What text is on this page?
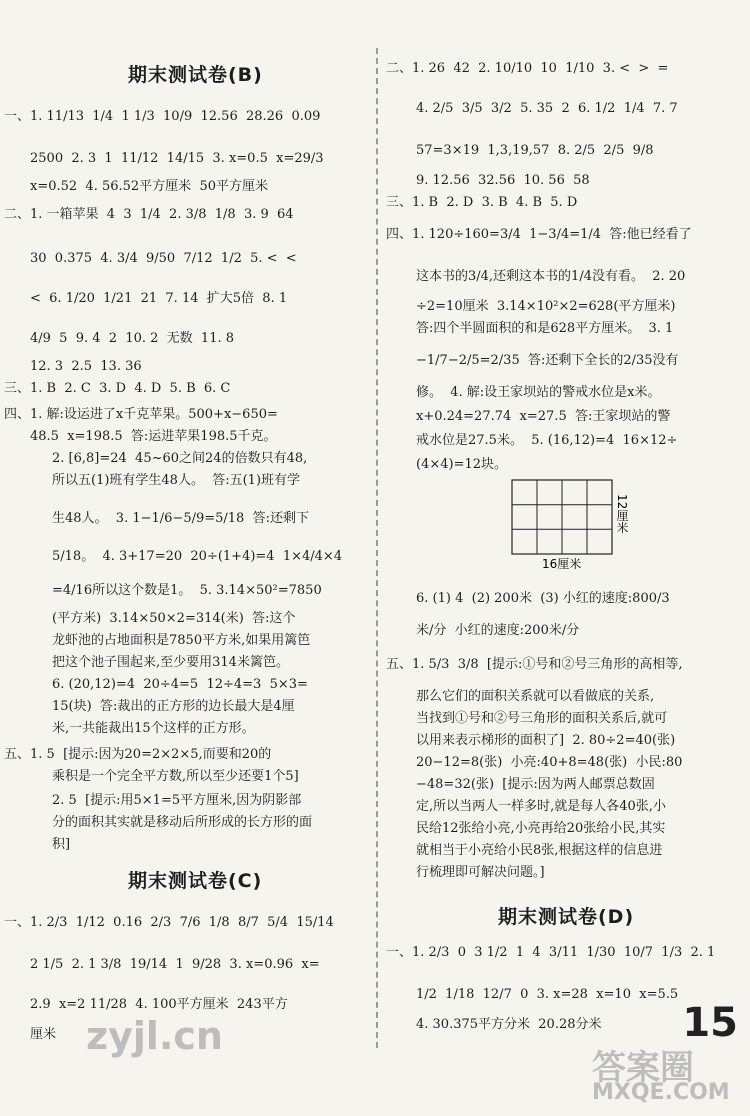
期末测试卷(B)
一、1. 11/13  1/4  1 1/3  10/9  12.56  28.26  0.09
2500  2. 3  1  11/12  14/15  3. x=0.5  x=29/3
x=0.52  4. 56.52平方厘米  50平方厘米
二、1. 一箱苹果  4  3  1/4  2. 3/8  1/8  3. 9  64
30  0.375  4. 3/4  9/50  7/12  1/2  5. <  <
<  6. 1/20  1/21  21  7. 14  扩大5倍  8. 1
4/9  5  9. 4  2  10. 2  无数  11. 8
12. 3  2.5  13. 36
三、1. B  2. C  3. D  4. D  5. B  6. C
四、1. 解:设运进了x千克苹果。500+x−650=
48.5  x=198.5  答:运进苹果198.5千克。
2. [6,8]=24  45~60之间24的倍数只有48,
所以五(1)班有学生48人。  答:五(1)班有学
生48人。  3. 1−1/6−5/9=5/18  答:还剩下
5/18。  4. 3+17=20  20÷(1+4)=4  1×4/4×4
=4/16所以这个数是1。  5. 3.14×50²=7850
(平方米)  3.14×50×2=314(米)  答:这个
龙虾池的占地面积是7850平方米,如果用篱笆
把这个池子围起来,至少要用314米篱笆。
6. (20,12)=4  20÷4=5  12÷4=3  5×3=
15(块)  答:裁出的正方形的边长最大是4厘
米,一共能裁出15个这样的正方形。
五、1. 5  [提示:因为20=2×2×5,而要和20的
乘积是一个完全平方数,所以至少还要1个5]
2. 5  [提示:用5×1=5平方厘米,因为阴影部
分的面积其实就是移动后所形成的长方形的面
积]
期末测试卷(C)
一、1. 2/3  1/12  0.16  2/3  7/6  1/8  8/7  5/4  15/14
2 1/5  2. 1 3/8  19/14  1  9/28  3. x=0.96  x=
2.9  x=2 11/28  4. 100平方厘米  243平方
厘米 zyjl.cn
二、1. 26  42  2. 10/10  10  1/10  3. <  >  =
4. 2/5  3/5  3/2  5. 35  2  6. 1/2  1/4  7. 7
57=3×19  1,3,19,57  8. 2/5  2/5  9/8
9. 12.56  32.56  10. 56  58
三、1. B  2. D  3. B  4. B  5. D
四、1. 120÷160=3/4  1−3/4=1/4  答:他已经看了
这本书的3/4,还剩这本书的1/4没有看。  2. 20
÷2=10厘米  3.14×10²×2=628(平方厘米)
答:四个半圆面积的和是628平方厘米。  3. 1
−1/7−2/5=2/35  答:还剩下全长的2/35没有
修。  4. 解:设王家坝站的警戒水位是x米。
x+0.24=27.74  x=27.5  答:王家坝站的警
戒水位是27.5米。  5. (16,12)=4  16×12÷
(4×4)=12块。
16厘米
12厘米
6. (1) 4  (2) 200米  (3) 小红的速度:800/3
米/分  小红的速度:200米/分
五、1. 5/3  3/8  [提示:①号和②号三角形的高相等,
那么它们的面积关系就可以看做底的关系,
当找到①号和②号三角形的面积关系后,就可
以用来表示梯形的面积了]  2. 80÷2=40(张)
20−12=8(张)  小亮:40+8=48(张)  小民:80
−48=32(张)  [提示:因为两人邮票总数固
定,所以当两人一样多时,就是每人各40张,小
民给12张给小亮,小亮再给20张给小民,其实
就相当于小亮给小民8张,根据这样的信息进
行梳理即可解决问题。]
期末测试卷(D)
一、1. 2/3  0  3 1/2  1  4  3/11  1/30  10/7  1/3  2. 1
1/2  1/18  12/7  0  3. x=28  x=10  x=5.5
4. 30.375平方分米  20.28分米
答案圈
MXQE.COM
15
